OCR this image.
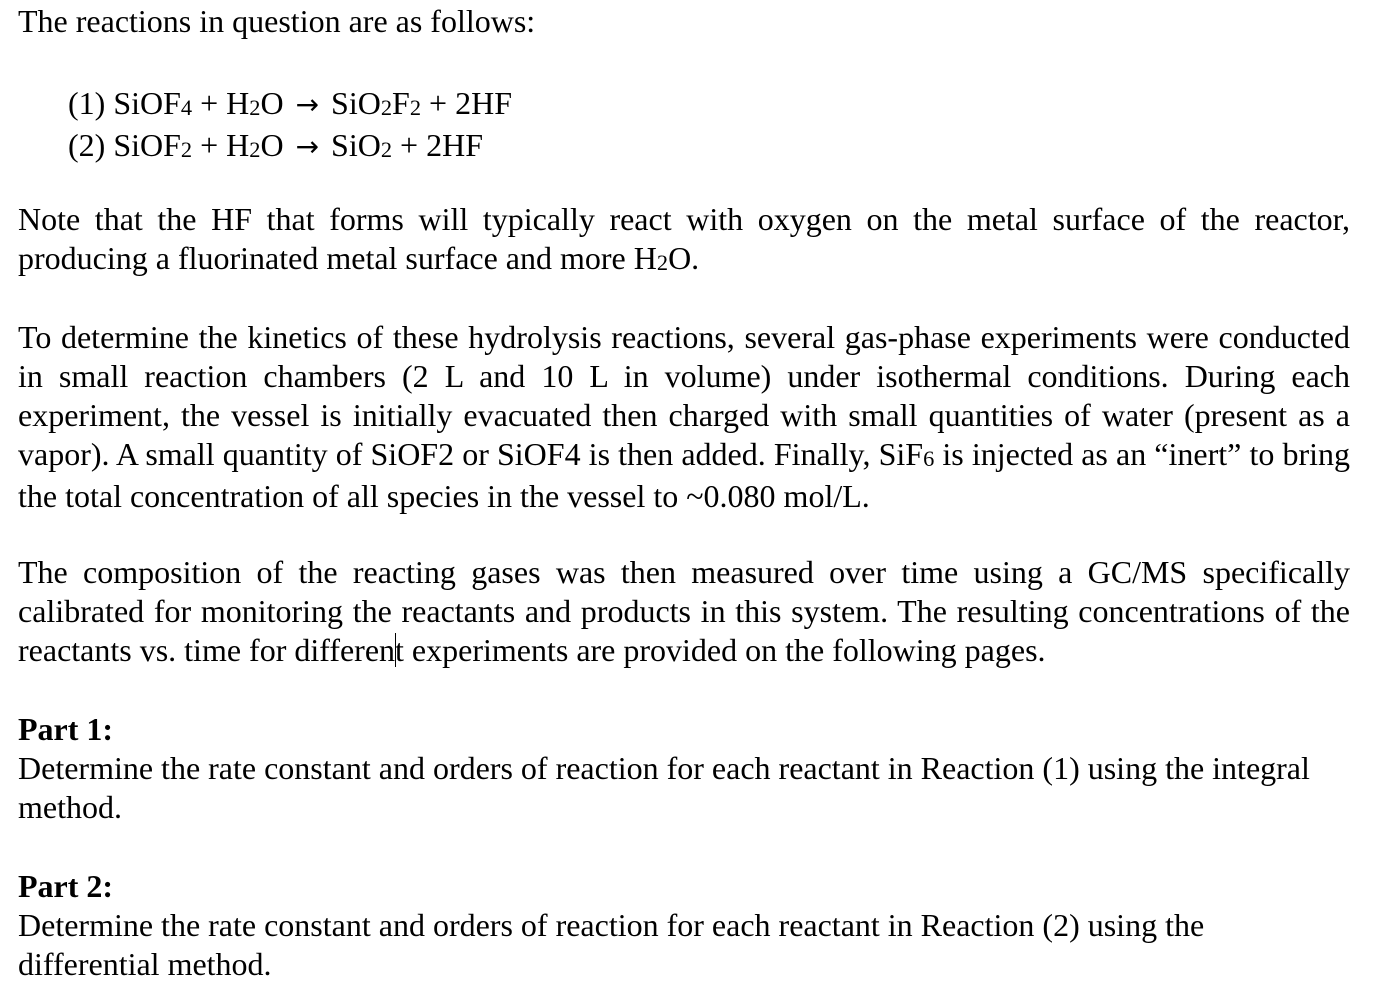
The reactions in question are as follows:

(1) SiOF$_4$ + $H_2O \to SiO_2F_2 + 2HF$
(2) SiOF$_2$ + $H_2O \to SiO_2 + 2HF$

Note that the HF that forms will typically react with oxygen on the metal surface of the reactor, producing a fluorinated metal surface and more $H_2O$.

To determine the kinetics of these hydrolysis reactions, several gas-phase experiments were conducted in small reaction chambers (2 L and 10 L in volume) under isothermal conditions. During each experiment, the vessel is initially evacuated then charged with small quantities of water (present as a vapor). A small quantity of SiOF2 or SiOF4 is then added. Finally, SiF$_6$ is injected as an “inert” to bring the total concentration of all species in the vessel to ~0.080 mol/L.

The composition of the reacting gases was then measured over time using a GC/MS specifically calibrated for monitoring the reactants and products in this system. The resulting concentrations of the reactants vs. time for different experiments are provided on the following pages.

Part 1:

Determine the rate constant and orders of reaction for each reactant in Reaction (1) using the integral method.

Part 2:

Determine the rate constant and orders of reaction for each reactant in Reaction (2) using the differential method.
